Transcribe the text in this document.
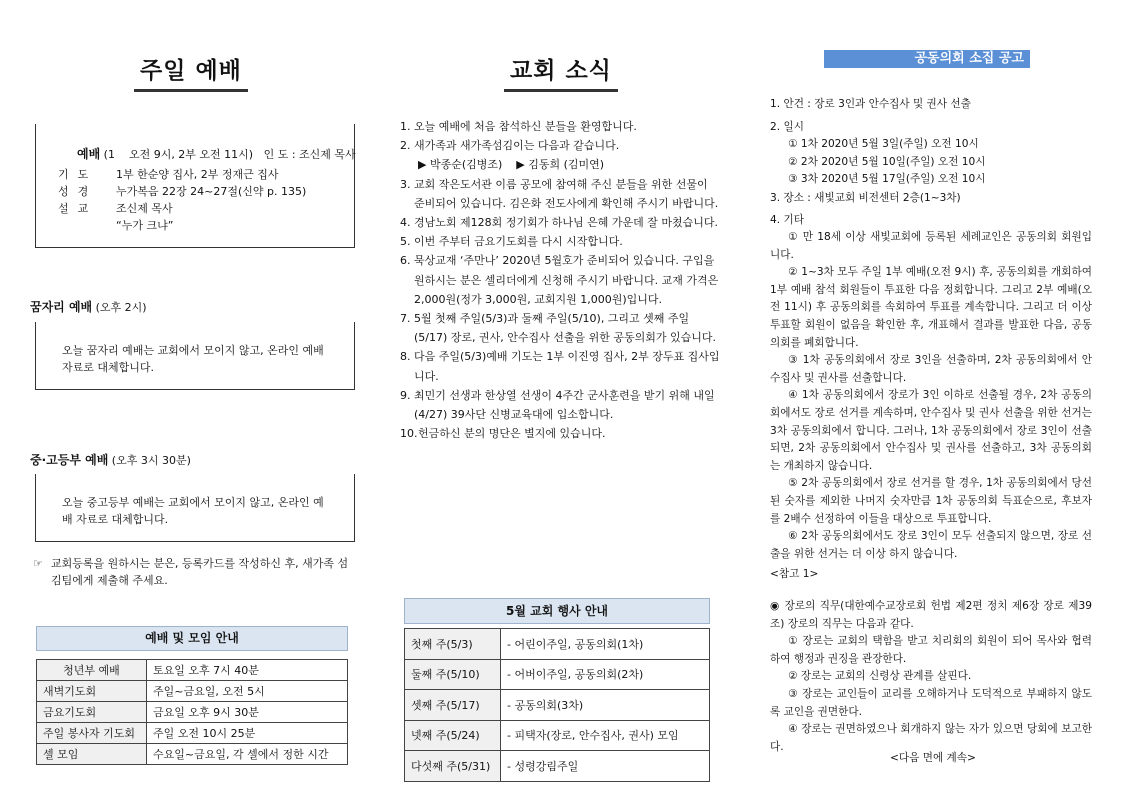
주일 예배

예배 (1    오전 9시, 2부 오전 11시)   인 도 : 조신제 목사

기도	1부 한순양 집사, 2부 정재근 집사
성경	누가복음 22장 24~27절(신약 p. 135)
설교	조신제 목사
“누가 크냐”
꿈자리 예배 (오후 2시)
오늘 꿈자리 예배는 교회에서 모이지 않고, 온라인 예배 자료로 대체합니다.
중·고등부 예배 (오후 3시 30분)
오늘 중고등부 예배는 교회에서 모이지 않고, 온라인 예배 자료로 대체합니다.
☞ 교회등록을 원하시는 분은, 등록카드를 작성하신 후, 새가족 섬김팀에게 제출해 주세요.
예배 및 모임 안내
청년부 예배	토요일 오후 7시 40분
새벽기도회	주일~금요일, 오전 5시
금요기도회	금요일 오후 9시 30분
주일 봉사자 기도회	주일 오전 10시 25분
셀 모임	수요일~금요일, 각 셀에서 정한 시간
교회 소식
1. 오늘 예배에 처음 참석하신 분들을 환영합니다.
2. 새가족과 새가족섬김이는 다음과 같습니다.
▶ 박종순(김병조)    ▶ 김동희 (김미연)
3. 교회 작은도서관 이름 공모에 참여해 주신 분들을 위한 선물이 준비되어 있습니다. 김은화 전도사에게 확인해 주시기 바랍니다.
4. 경남노회 제128회 정기회가 하나님 은혜 가운데 잘 마쳤습니다.
5. 이번 주부터 금요기도회를 다시 시작합니다.
6. 묵상교재 ‘주만나’ 2020년 5월호가 준비되어 있습니다. 구입을 원하시는 분은 셀리더에게 신청해 주시기 바랍니다. 교재 가격은 2,000원(정가 3,000원, 교회지원 1,000원)입니다.
7. 5월 첫째 주일(5/3)과 둘째 주일(5/10), 그리고 셋째 주일(5/17) 장로, 권사, 안수집사 선출을 위한 공동의회가 있습니다.
8. 다음 주일(5/3)예배 기도는 1부 이진영 집사, 2부 장두표 집사입니다.
9. 최민기 선생과 한상열 선생이 4주간 군사훈련을 받기 위해 내일(4/27) 39사단 신병교육대에 입소합니다.
10. 헌금하신 분의 명단은 별지에 있습니다.
5월 교회 행사 안내
첫째 주(5/3)	- 어린이주일, 공동의회(1차)
둘째 주(5/10)	- 어버이주일, 공동의회(2차)
셋째 주(5/17)	- 공동의회(3차)
넷째 주(5/24)	- 피택자(장로, 안수집사, 권사) 모임
다섯째 주(5/31)	- 성령강림주일
공동의회 소집 공고
1. 안건 : 장로 3인과 안수집사 및 권사 선출
2. 일시
① 1차 2020년 5월 3일(주일) 오전 10시
② 2차 2020년 5월 10일(주일) 오전 10시
③ 3차 2020년 5월 17일(주일) 오전 10시
3. 장소 : 새빛교회 비전센터 2층(1~3차)
4. 기타
① 만 18세 이상 새빛교회에 등록된 세례교인은 공동의회 회원입니다.
② 1~3차 모두 주일 1부 예배(오전 9시) 후, 공동의회를 개회하여 1부 예배 참석 회원들이 투표한 다음 정회합니다. 그리고 2부 예배(오전 11시) 후 공동의회를 속회하여 투표를 계속합니다. 그리고 더 이상 투표할 회원이 없음을 확인한 후, 개표해서 결과를 발표한 다음, 공동의회를 폐회합니다.
③ 1차 공동의회에서 장로 3인을 선출하며, 2차 공동의회에서 안수집사 및 권사를 선출합니다.
④ 1차 공동의회에서 장로가 3인 이하로 선출될 경우, 2차 공동의회에서도 장로 선거를 계속하며, 안수집사 및 권사 선출을 위한 선거는 3차 공동의회에서 합니다. 그러나, 1차 공동의회에서 장로 3인이 선출되면, 2차 공동의회에서 안수집사 및 권사를 선출하고, 3차 공동의회는 개최하지 않습니다.
⑤ 2차 공동의회에서 장로 선거를 할 경우, 1차 공동의회에서 당선된 숫자를 제외한 나머지 숫자만큼 1차 공동의회 득표순으로, 후보자를 2배수 선정하여 이들을 대상으로 투표합니다.
⑥ 2차 공동의회에서도 장로 3인이 모두 선출되지 않으면, 장로 선출을 위한 선거는 더 이상 하지 않습니다.
<참고 1>
◉ 장로의 직무(대한예수교장로회 헌법 제2편 정치 제6장 장로 제39조) 장로의 직무는 다음과 같다.
① 장로는 교회의 택함을 받고 치리회의 회원이 되어 목사와 협력하여 행정과 권징을 관장한다.
② 장로는 교회의 신령상 관계를 살핀다.
③ 장로는 교인들이 교리를 오해하거나 도덕적으로 부패하지 않도록 교인을 권면한다.
④ 장로는 권면하였으나 회개하지 않는 자가 있으면 당회에 보고한다.
<다음 면에 계속>
